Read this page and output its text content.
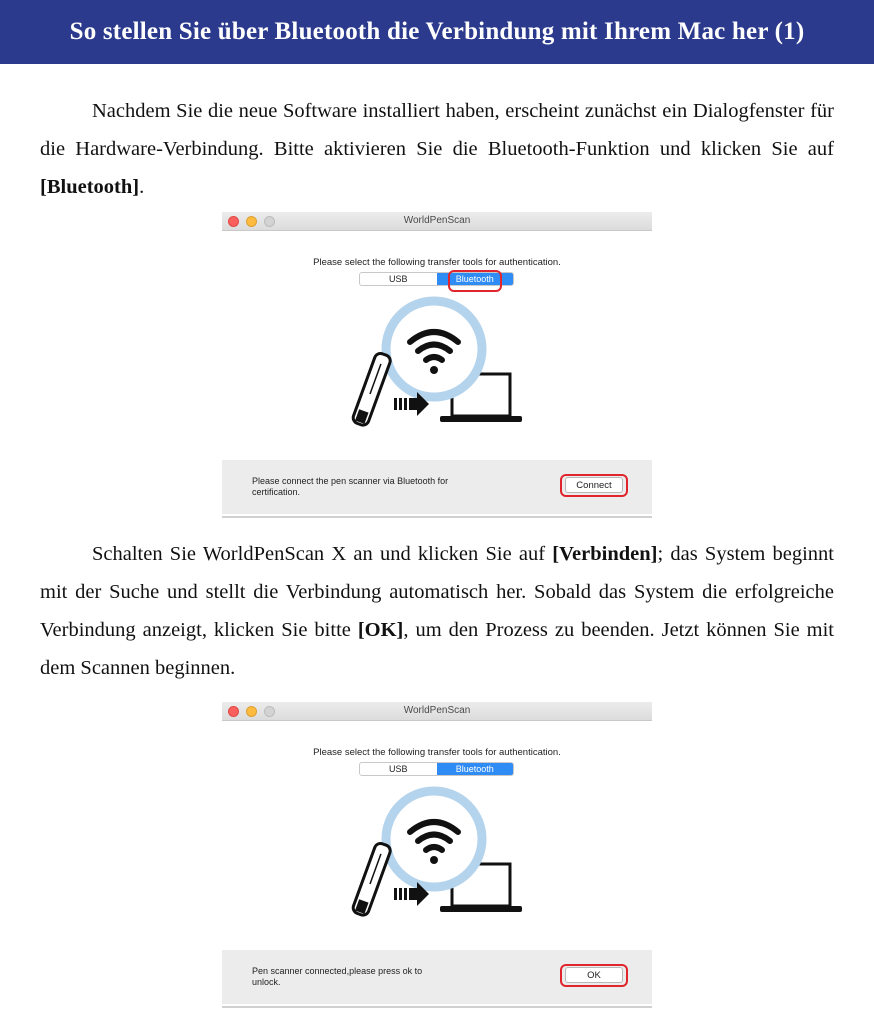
So stellen Sie über Bluetooth die Verbindung mit Ihrem Mac her (1)

Nachdem Sie die neue Software installiert haben, erscheint zunächst ein Dialogfenster für die Hardware-Verbindung. Bitte aktivieren Sie die Bluetooth-Funktion und klicken Sie auf [Bluetooth].

WorldPenScan
Please select the following transfer tools for authentication.
USB	Bluetooth
Please connect the pen scanner via Bluetooth for certification.
Connect

Schalten Sie WorldPenScan X an und klicken Sie auf [Verbinden]; das System beginnt mit der Suche und stellt die Verbindung automatisch her. Sobald das System die erfolgreiche Verbindung anzeigt, klicken Sie bitte [OK], um den Prozess zu beenden. Jetzt können Sie mit dem Scannen beginnen.

WorldPenScan
Please select the following transfer tools for authentication.
USB	Bluetooth
Pen scanner connected,please press ok to unlock.
OK
